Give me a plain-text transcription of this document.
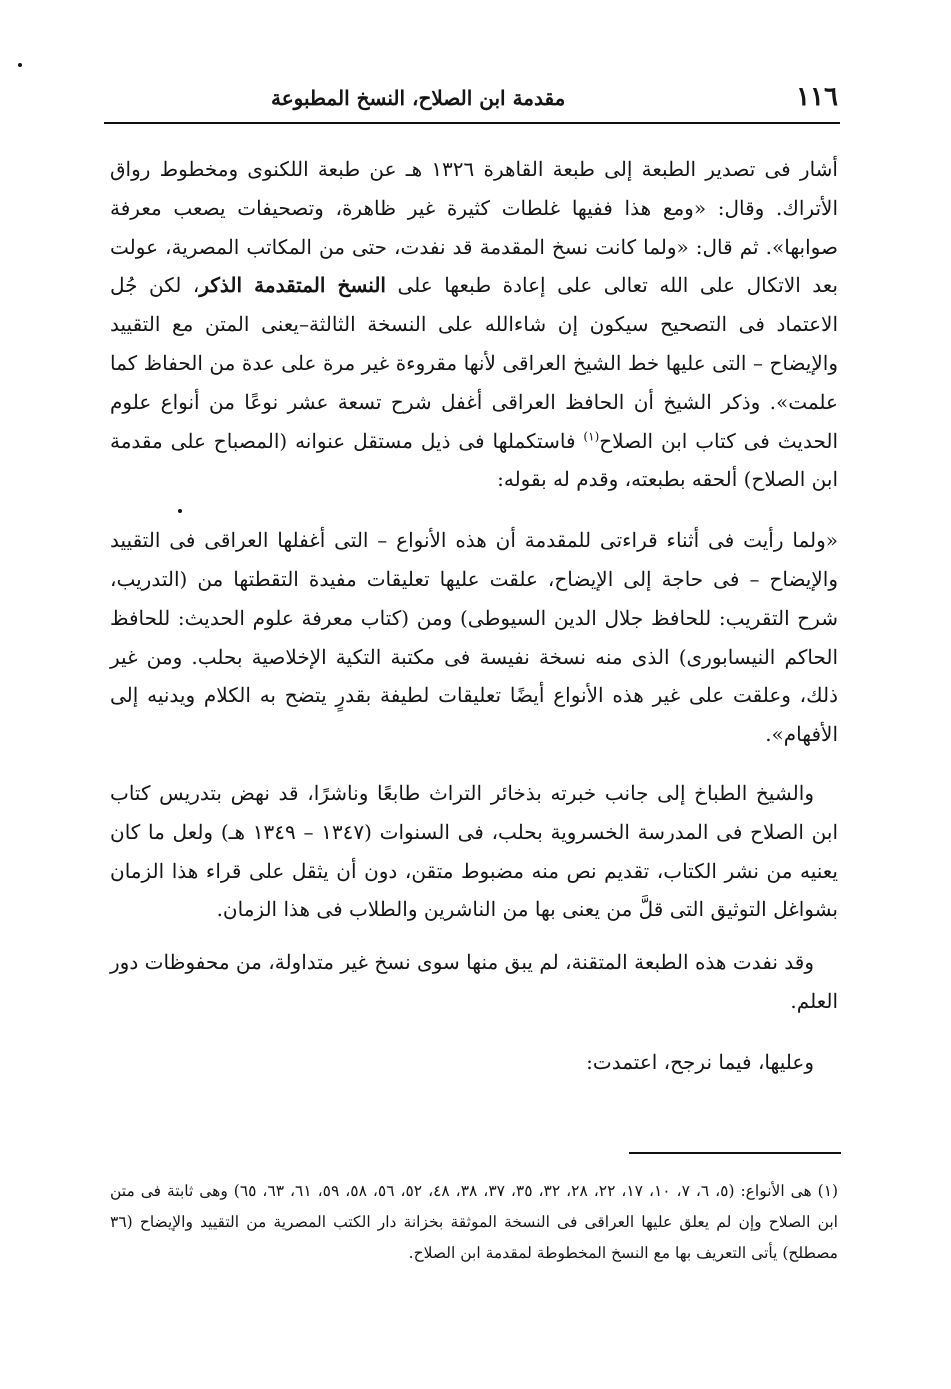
١١٦
مقدمة ابن الصلاح، النسخ المطبوعة

أشار فى تصدير الطبعة إلى طبعة القاهرة ١٣٢٦ هـ عن طبعة اللكنوى ومخطوط رواق الأتراك. وقال: «ومع هذا ففيها غلطات كثيرة غير ظاهرة، وتصحيفات يصعب معرفة صوابها». ثم قال: «ولما كانت نسخ المقدمة قد نفدت، حتى من المكاتب المصرية، عولت بعد الاتكال على الله تعالى على إعادة طبعها على النسخ المتقدمة الذكر، لكن جُل الاعتماد فى التصحيح سيكون إن شاءالله على النسخة الثالثة–يعنى المتن مع التقييد والإيضاح – التى عليها خط الشيخ العراقى لأنها مقروءة غير مرة على عدة من الحفاظ كما علمت». وذكر الشيخ أن الحافظ العراقى أغفل شرح تسعة عشر نوعًا من أنواع علوم الحديث فى كتاب ابن الصلاح$^{(١)}$ فاستكملها فى ذيل مستقل عنوانه (المصباح على مقدمة ابن الصلاح) ألحقه بطبعته، وقدم له بقوله:

«ولما رأيت فى أثناء قراءتى للمقدمة أن هذه الأنواع – التى أغفلها العراقى فى التقييد والإيضاح – فى حاجة إلى الإيضاح، علقت عليها تعليقات مفيدة التقطتها من (التدريب، شرح التقريب: للحافظ جلال الدين السيوطى) ومن (كتاب معرفة علوم الحديث: للحافظ الحاكم النيسابورى) الذى منه نسخة نفيسة فى مكتبة التكية الإخلاصية بحلب. ومن غير ذلك، وعلقت على غير هذه الأنواع أيضًا تعليقات لطيفة بقدرٍ يتضح به الكلام ويدنيه إلى الأفهام».

والشيخ الطباخ إلى جانب خبرته بذخائر التراث طابعًا وناشرًا، قد نهض بتدريس كتاب ابن الصلاح فى المدرسة الخسروية بحلب، فى السنوات (١٣٤٧ – ١٣٤٩ هـ) ولعل ما كان يعنيه من نشر الكتاب، تقديم نص منه مضبوط متقن، دون أن يثقل على قراء هذا الزمان بشواغل التوثيق التى قلَّ من يعنى بها من الناشرين والطلاب فى هذا الزمان.

وقد نفدت هذه الطبعة المتقنة، لم يبق منها سوى نسخ غير متداولة، من محفوظات دور العلم.

وعليها، فيما نرجح، اعتمدت:

(١) هى الأنواع: (٥، ٦، ٧، ١٠، ١٧، ٢٢، ٢٨، ٣٢، ٣٥، ٣٧، ٣٨، ٤٨، ٥٢، ٥٦، ٥٨، ٥٩، ٦١، ٦٣، ٦٥) وهى ثابتة فى متن ابن الصلاح وإن لم يعلق عليها العراقى فى النسخة الموثقة بخزانة دار الكتب المصرية من التقييد والإيضاح (٣٦ مصطلح) يأتى التعريف بها مع النسخ المخطوطة لمقدمة ابن الصلاح.
